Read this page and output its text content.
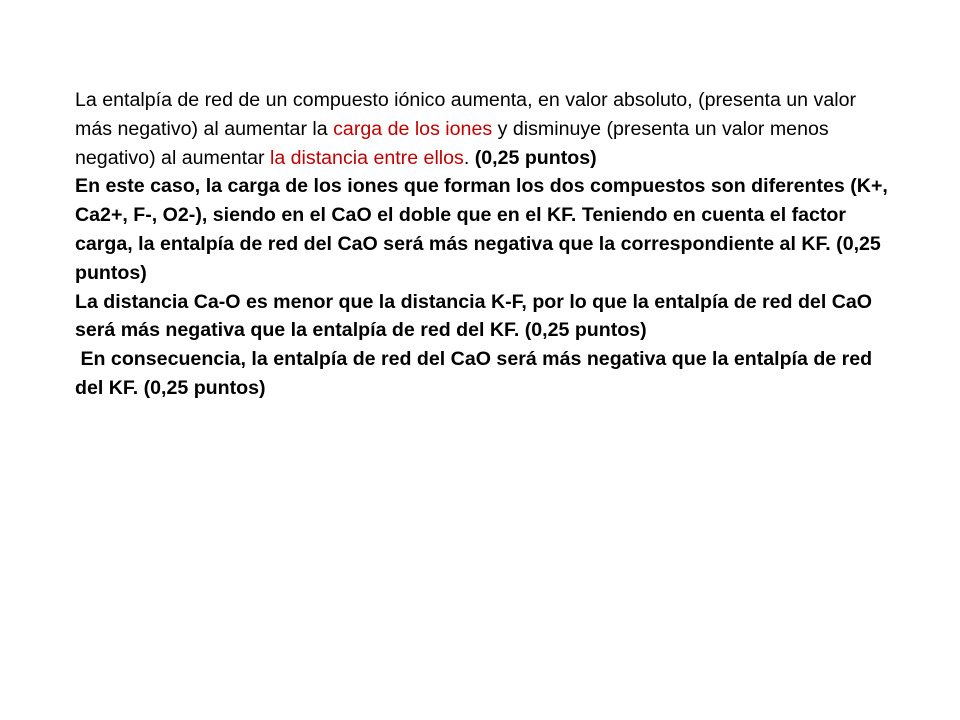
La entalpía de red de un compuesto iónico aumenta, en valor absoluto, (presenta un valor más negativo) al aumentar la carga de los iones y disminuye (presenta un valor menos negativo) al aumentar la distancia entre ellos. (0,25 puntos)

En este caso, la carga de los iones que forman los dos compuestos son diferentes (K+, Ca2+, F-, O2-), siendo en el CaO el doble que en el KF. Teniendo en cuenta el factor carga, la entalpía de red del CaO será más negativa que la correspondiente al KF. (0,25 puntos)

La distancia Ca-O es menor que la distancia K-F, por lo que la entalpía de red del CaO será más negativa que la entalpía de red del KF. (0,25 puntos)

En consecuencia, la entalpía de red del CaO será más negativa que la entalpía de red del KF. (0,25 puntos)
